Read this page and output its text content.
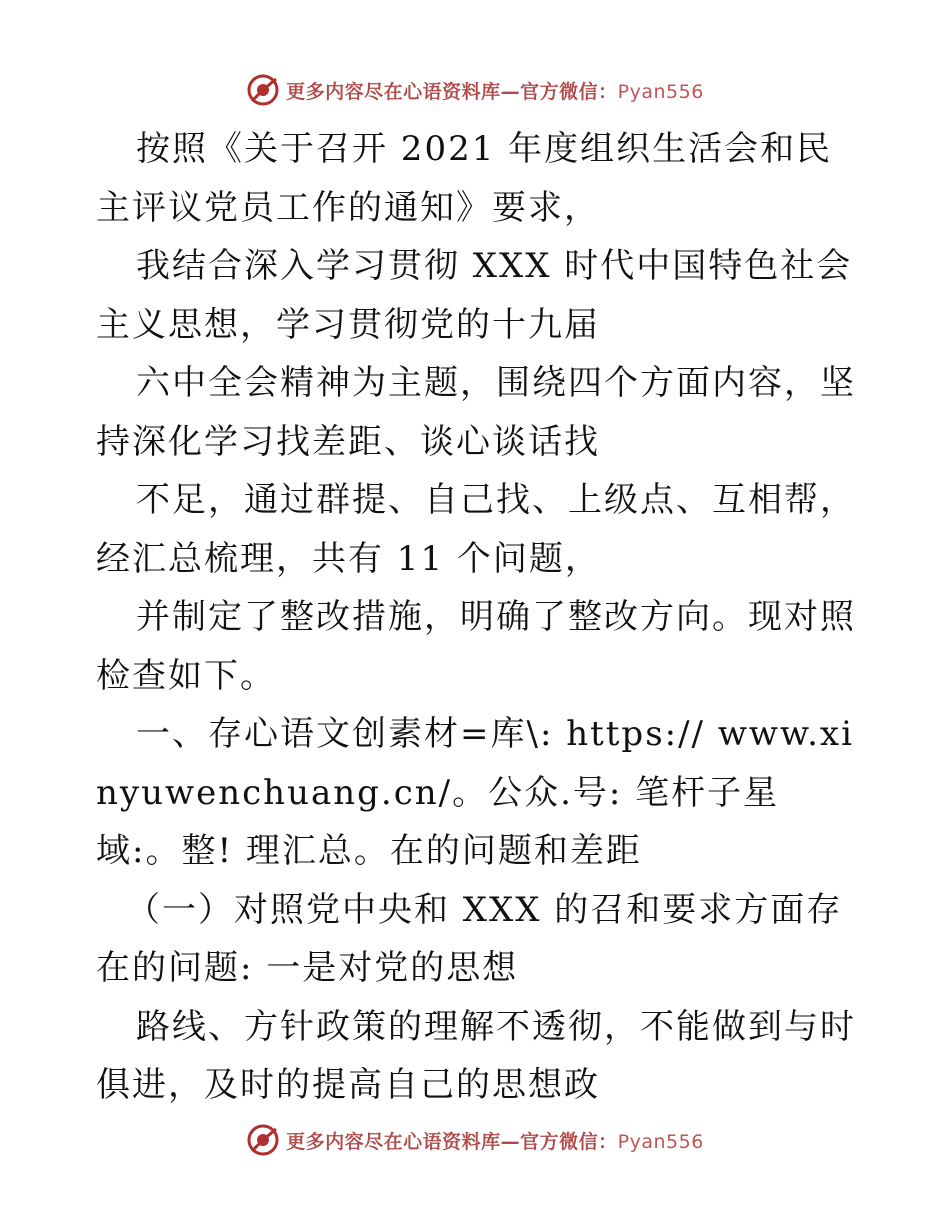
更多内容尽在心语资料库—官方微信：Pyan556

按照《关于召开 2021 年度组织生活会和民主评议党员工作的通知》要求，

我结合深入学习贯彻 XXX 时代中国特色社会主义思想，学习贯彻党的十九届

六中全会精神为主题，围绕四个方面内容，坚持深化学习找差距、谈心谈话找

不足，通过群提、自己找、上级点、互相帮，经汇总梳理，共有 11 个问题，

并制定了整改措施，明确了整改方向。现对照检查如下。

一、存心语文创素材=库\: https:// www.xinyuwenchuang.cn/。公众.号: 笔杆子星域:。整! 理汇总。在的问题和差距

（一）对照党中央和 XXX 的召和要求方面存在的问题: 一是对党的思想

路线、方针政策的理解不透彻，不能做到与时俱进，及时的提高自己的思想政

更多内容尽在心语资料库—官方微信：Pyan556
